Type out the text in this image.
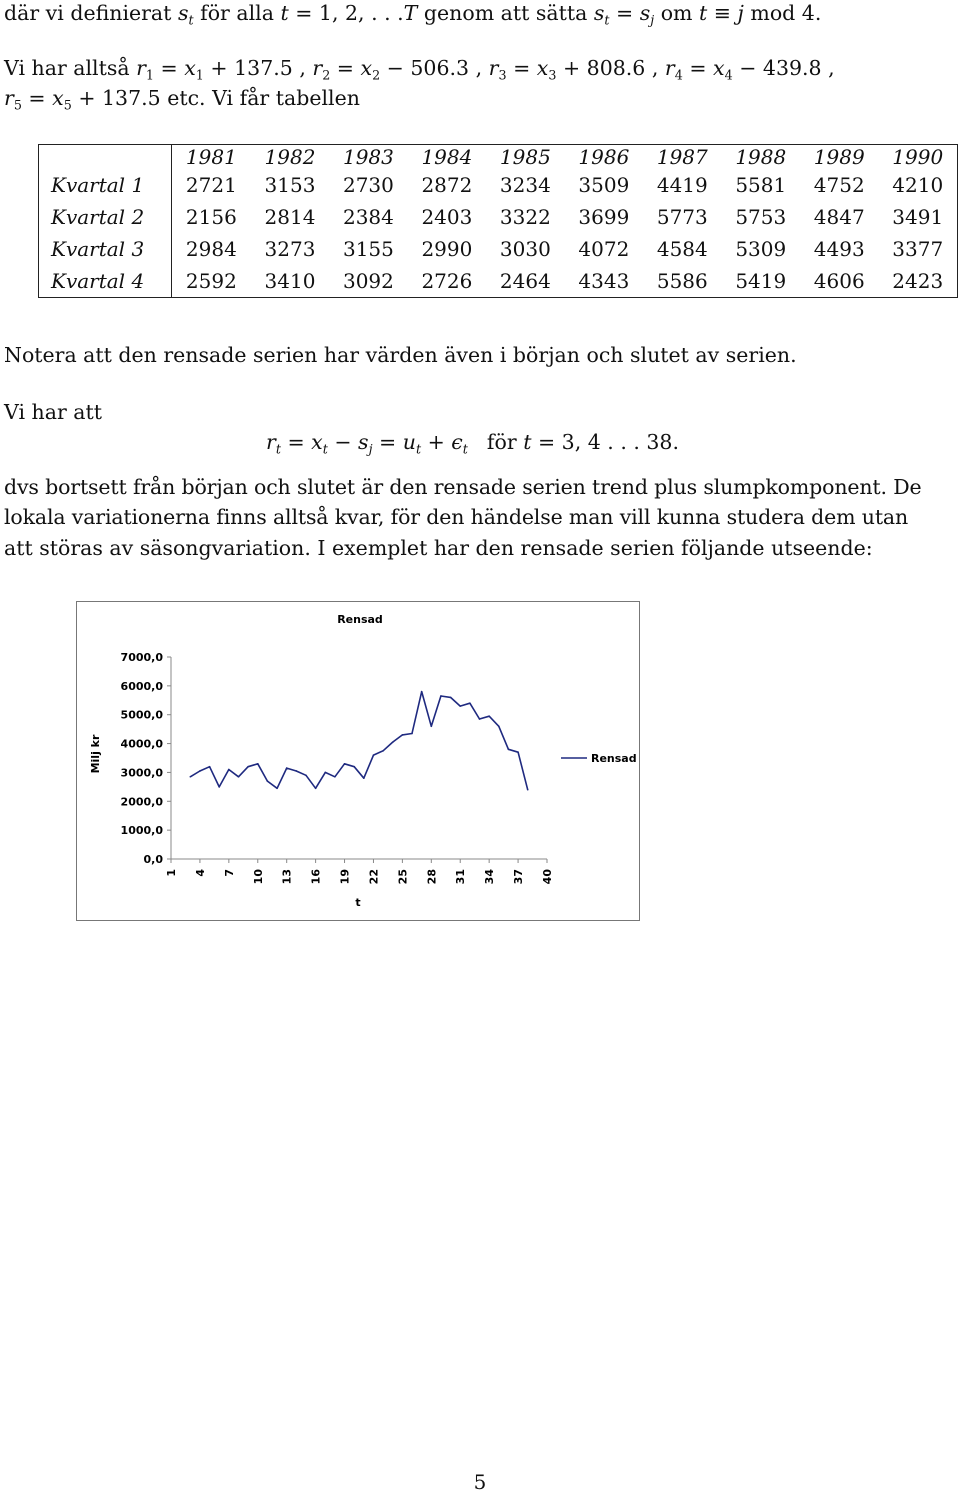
där vi definierat $s_t$ för alla t = 1, 2, . . .T genom att sätta $s_t = s_j$ om t ≡ j mod 4.
Vi har alltså $r_1 = x_1 + 137.5$ , $r_2 = x_2 - 506.3$ , $r_3 = x_3 + 808.6$ , $r_4 = x_4 - 439.8$ ,
$r_5 = x_5 + 137.5$ etc. Vi får tabellen
	1981	1982	1983	1984	1985	1986	1987	1988	1989	1990
Kvartal 1	2721	3153	2730	2872	3234	3509	4419	5581	4752	4210
Kvartal 2	2156	2814	2384	2403	3322	3699	5773	5753	4847	3491
Kvartal 3	2984	3273	3155	2990	3030	4072	4584	5309	4493	3377
Kvartal 4	2592	3410	3092	2726	2464	4343	5586	5419	4606	2423
Notera att den rensade serien har värden även i början och slutet av serien.
Vi har att
$r_t = x_t - s_j = u_t + \epsilon_t$ för t = 3, 4 . . . 38.
dvs bortsett från början och slutet är den rensade serien trend plus slumpkomponent. De
lokala variationerna finns alltså kvar, för den händelse man vill kunna studera dem utan
att störas av säsongvariation. I exemplet har den rensade serien följande utseende:
Rensad
t
Milj kr
7000,0
6000,0
5000,0
4000,0
3000,0
2000,0
1000,0
0,0
1 4 7 10 13 16 19 22 25 28 31 34 37 40
Rensad
5
